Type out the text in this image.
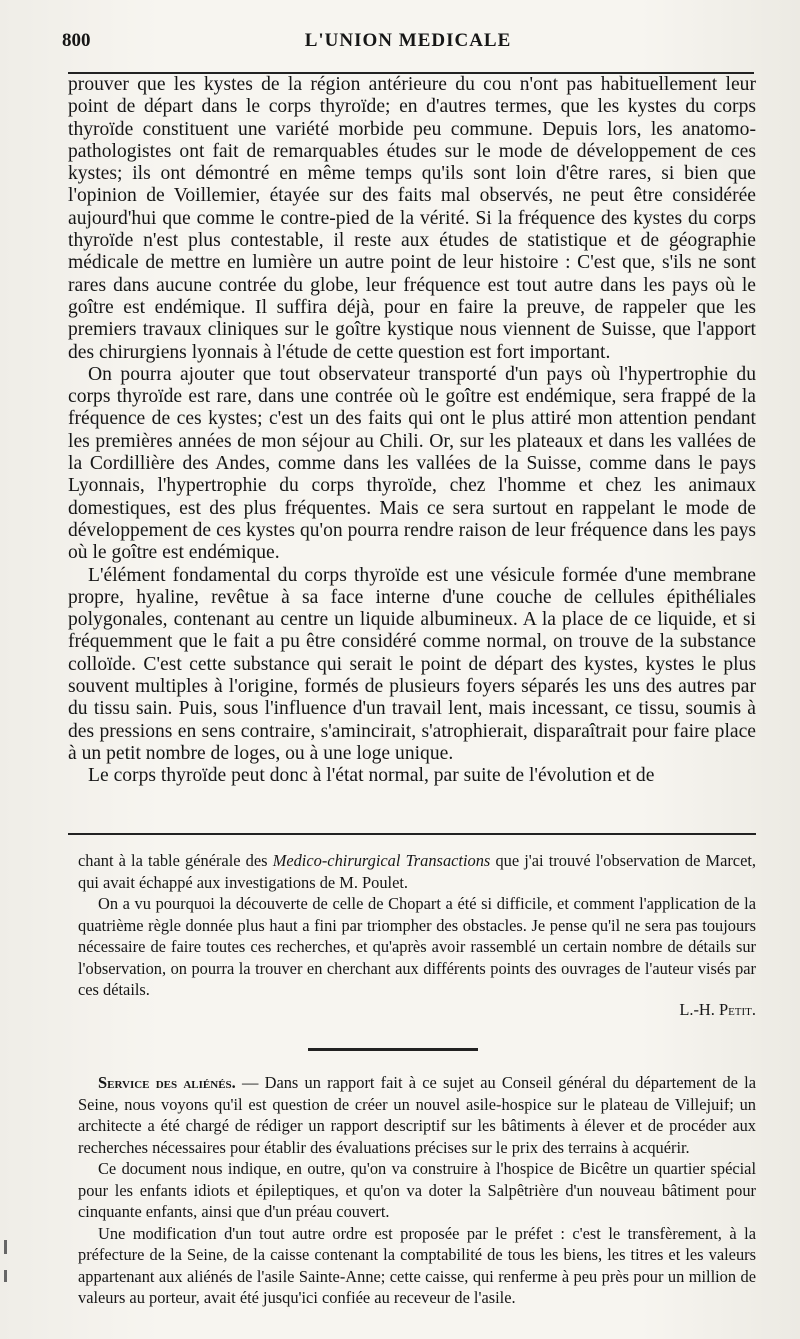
L'UNION MEDICALE
800

prouver que les kystes de la région antérieure du cou n'ont pas habituellement leur point de départ dans le corps thyroïde; en d'autres termes, que les kystes du corps thyroïde constituent une variété morbide peu commune. Depuis lors, les anatomo-pathologistes ont fait de remarquables études sur le mode de développement de ces kystes; ils ont démontré en même temps qu'ils sont loin d'être rares, si bien que l'opinion de Voillemier, étayée sur des faits mal observés, ne peut être considérée aujourd'hui que comme le contre-pied de la vérité. Si la fréquence des kystes du corps thyroïde n'est plus contestable, il reste aux études de statistique et de géographie médicale de mettre en lumière un autre point de leur histoire : C'est que, s'ils ne sont rares dans aucune contrée du globe, leur fréquence est tout autre dans les pays où le goître est endémique. Il suffira déjà, pour en faire la preuve, de rappeler que les premiers travaux cliniques sur le goître kystique nous viennent de Suisse, que l'apport des chirurgiens lyonnais à l'étude de cette question est fort important.

On pourra ajouter que tout observateur transporté d'un pays où l'hypertrophie du corps thyroïde est rare, dans une contrée où le goître est endémique, sera frappé de la fréquence de ces kystes; c'est un des faits qui ont le plus attiré mon attention pendant les premières années de mon séjour au Chili. Or, sur les plateaux et dans les vallées de la Cordillière des Andes, comme dans les vallées de la Suisse, comme dans le pays Lyonnais, l'hypertrophie du corps thyroïde, chez l'homme et chez les animaux domestiques, est des plus fréquentes. Mais ce sera surtout en rappelant le mode de développement de ces kystes qu'on pourra rendre raison de leur fréquence dans les pays où le goître est endémique.

L'élément fondamental du corps thyroïde est une vésicule formée d'une membrane propre, hyaline, revêtue à sa face interne d'une couche de cellules épithéliales polygonales, contenant au centre un liquide albumineux. A la place de ce liquide, et si fréquemment que le fait a pu être considéré comme normal, on trouve de la substance colloïde. C'est cette substance qui serait le point de départ des kystes, kystes le plus souvent multiples à l'origine, formés de plusieurs foyers séparés les uns des autres par du tissu sain. Puis, sous l'influence d'un travail lent, mais incessant, ce tissu, soumis à des pressions en sens contraire, s'amincirait, s'atrophierait, disparaîtrait pour faire place à un petit nombre de loges, ou à une loge unique.

Le corps thyroïde peut donc à l'état normal, par suite de l'évolution et de

chant à la table générale des Medico-chirurgical Transactions que j'ai trouvé l'observation de Marcet, qui avait échappé aux investigations de M. Poulet.

On a vu pourquoi la découverte de celle de Chopart a été si difficile, et comment l'application de la quatrième règle donnée plus haut a fini par triompher des obstacles. Je pense qu'il ne sera pas toujours nécessaire de faire toutes ces recherches, et qu'après avoir rassemblé un certain nombre de détails sur l'observation, on pourra la trouver en cherchant aux différents points des ouvrages de l'auteur visés par ces détails.

L.-H. Petit.

Service des aliénés. — Dans un rapport fait à ce sujet au Conseil général du département de la Seine, nous voyons qu'il est question de créer un nouvel asile-hospice sur le plateau de Villejuif; un architecte a été chargé de rédiger un rapport descriptif sur les bâtiments à élever et de procéder aux recherches nécessaires pour établir des évaluations précises sur le prix des terrains à acquérir.

Ce document nous indique, en outre, qu'on va construire à l'hospice de Bicêtre un quartier spécial pour les enfants idiots et épileptiques, et qu'on va doter la Salpêtrière d'un nouveau bâtiment pour cinquante enfants, ainsi que d'un préau couvert.

Une modification d'un tout autre ordre est proposée par le préfet : c'est le transfèrement, à la préfecture de la Seine, de la caisse contenant la comptabilité de tous les biens, les titres et les valeurs appartenant aux aliénés de l'asile Sainte-Anne; cette caisse, qui renferme à peu près pour un million de valeurs au porteur, avait été jusqu'ici confiée au receveur de l'asile.
